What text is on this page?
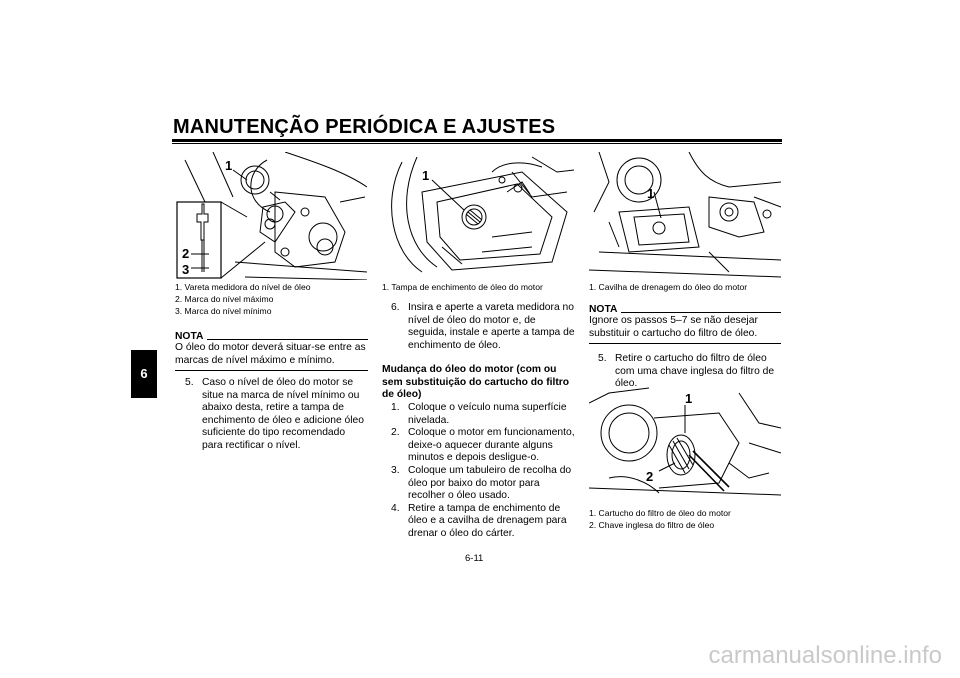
MANUTENÇÃO PERIÓDICA E AJUSTES
6
1
2
3
1. Vareta medidora do nível de óleo
2. Marca do nível máximo
3. Marca do nível mínimo
NOTA
O óleo do motor deverá situar-se entre as marcas de nível máximo e mínimo.
5. Caso o nível de óleo do motor se situe na marca de nível mínimo ou abaixo desta, retire a tampa de enchimento de óleo e adicione óleo suficiente do tipo recomendado para rectificar o nível.
1
1. Tampa de enchimento de óleo do motor
6. Insira e aperte a vareta medidora no nível de óleo do motor e, de seguida, instale e aperte a tampa de enchimento de óleo.
Mudança do óleo do motor (com ou sem substituição do cartucho do filtro de óleo)
1. Coloque o veículo numa superfície nivelada.
2. Coloque o motor em funcionamento, deixe-o aquecer durante alguns minutos e depois desligue-o.
3. Coloque um tabuleiro de recolha do óleo por baixo do motor para recolher o óleo usado.
4. Retire a tampa de enchimento de óleo e a cavilha de drenagem para drenar o óleo do cárter.
1
1. Cavilha de drenagem do óleo do motor
NOTA
Ignore os passos 5–7 se não desejar substituir o cartucho do filtro de óleo.
5. Retire o cartucho do filtro de óleo com uma chave inglesa do filtro de óleo.
1
2
1. Cartucho do filtro de óleo do motor
2. Chave inglesa do filtro de óleo
6-11
carmanualsonline.info
